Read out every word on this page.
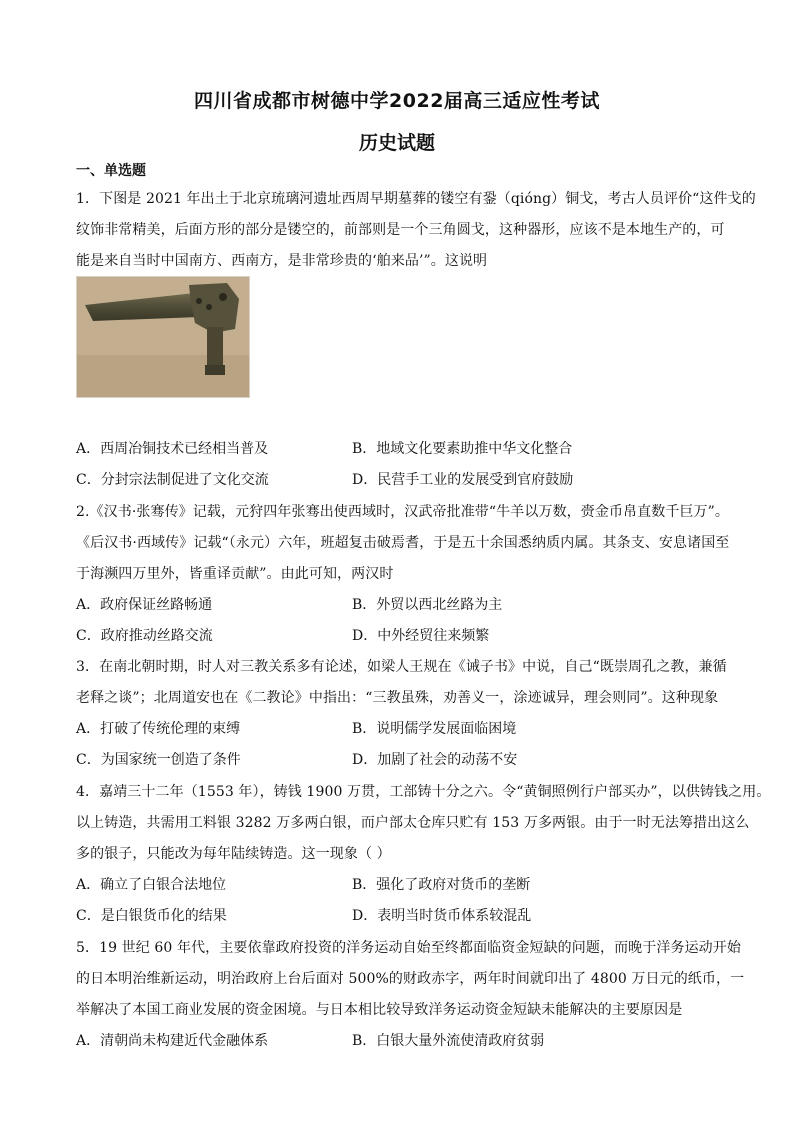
四川省成都市树德中学2022届高三适应性考试
历史试题
一、单选题
1．下图是 2021 年出土于北京琉璃河遗址西周早期墓葬的镂空有銎（qióng）铜戈，考古人员评价“这件戈的
纹饰非常精美，后面方形的部分是镂空的，前部则是一个三角圆戈，这种器形，应该不是本地生产的，可
能是来自当时中国南方、西南方，是非常珍贵的‘舶来品’”。这说明
A．西周冶铜技术已经相当普及	B．地域文化要素助推中华文化整合
C．分封宗法制促进了文化交流	D．民营手工业的发展受到官府鼓励
2.《汉书·张骞传》记载，元狩四年张骞出使西域时，汉武帝批准带“牛羊以万数，赍金币帛直数千巨万”。
《后汉书·西域传》记载“（永元）六年，班超复击破焉耆，于是五十余国悉纳质内属。其条支、安息诸国至
于海濒四万里外，皆重译贡献”。由此可知，两汉时
A．政府保证丝路畅通	B．外贸以西北丝路为主
C．政府推动丝路交流	D．中外经贸往来频繁
3．在南北朝时期，时人对三教关系多有论述，如梁人王规在《诫子书》中说，自己“既崇周孔之教，兼循
老释之谈”；北周道安也在《二教论》中指出：“三教虽殊，劝善义一，涂迹诚异，理会则同”。这种现象
A．打破了传统伦理的束缚	B．说明儒学发展面临困境
C．为国家统一创造了条件	D．加剧了社会的动荡不安
4．嘉靖三十二年（1553 年），铸钱 1900 万贯，工部铸十分之六。令“黄铜照例行户部买办”，以供铸钱之用。
以上铸造，共需用工料银 3282 万多两白银，而户部太仓库只贮有 153 万多两银。由于一时无法筹措出这么
多的银子，只能改为每年陆续铸造。这一现象（ ）
A．确立了白银合法地位	B．强化了政府对货币的垄断
C．是白银货币化的结果	D．表明当时货币体系较混乱
5．19 世纪 60 年代，主要依靠政府投资的洋务运动自始至终都面临资金短缺的问题，而晚于洋务运动开始
的日本明治维新运动，明治政府上台后面对 500%的财政赤字，两年时间就印出了 4800 万日元的纸币，一
举解决了本国工商业发展的资金困境。与日本相比较导致洋务运动资金短缺未能解决的主要原因是
A．清朝尚未构建近代金融体系	B．白银大量外流使清政府贫弱
